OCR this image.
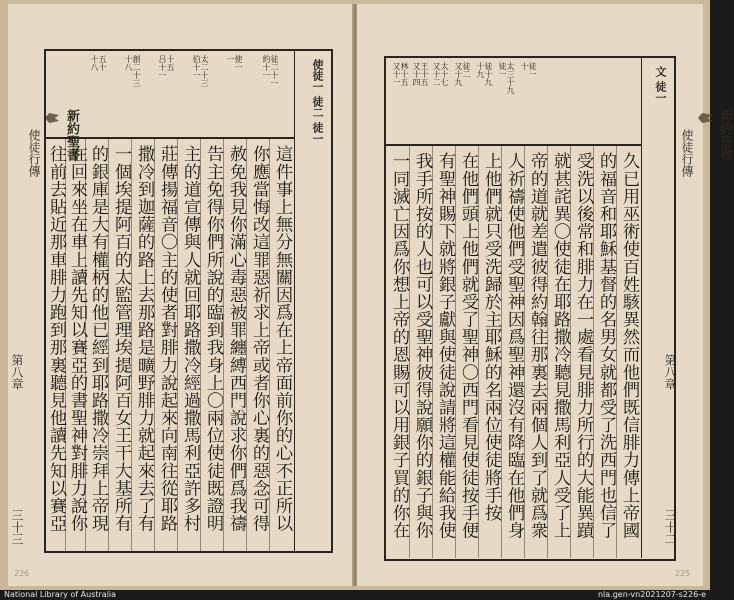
新約聖書
使徒行傳
第八章
三十三
徒二十一
約十一
使一
一
太二十三
伯十一
十五
吕十一
創二十三
十八
五十
十八	使徒一 徒二 徒一
這件事上無分無關因爲在上帝面前你的心不正所以
你應當悔改這罪惡祈求上帝或者你心裏的惡念可得
赦免我見你滿心毒惡被罪纏縛西門說求你們爲我禱
告主免得你們所說的臨到我身上〇兩位使徒既證明
主的道宣傳與人就回耶路撒冷經過撒馬利亞許多村
莊傳揚福音〇主的使者對腓力說起來向南往從耶路
撒冷到迦薩的路上去那路是曠野腓力就起來去了有
一個埃提阿百的太監管理埃提阿百女王干大基所有
的銀庫是大有權柄的他已經到耶路撒冷崇拜上帝現
在回來坐在車上讀先知以賽亞的書聖神對腓力說你
往前去貼近那車腓力跑到那裏聽見他讀先知以賽亞
226
徒一
十
太三十九
徒一
徒十九
十九
徒二
又十九
太十七
又十二
王十五
又十四
林十五
又十一	文 徒一
久已用巫術使百姓駭異然而他們既信腓力傳上帝國
的福音和耶穌基督的名男女就都受了洗西門也信了
受洗以後常和腓力在一處看見腓力所行的大能異蹟
就甚詫異〇使徒在耶路撒冷聽見撒馬利亞人受了上
帝的道就差遣彼得約翰往那裏去兩個人到了就爲衆
人祈禱使他們受聖神因爲聖神還沒有降臨在他們身
上他們就只受洗歸於主耶穌的名兩位使徒將手按
在他們頭上他們就受了聖神〇西門看見使徒按手便
有聖神賜下就將銀子獻與使徒說請將這權能給我使
我手所按的人也可以受聖神彼得說願你的銀子與你
一同滅亡因爲你想上帝的恩賜可以用銀子買的你在
新約聖書
使徒行傳
第八章
三十二
225
National Library of Australia	nla.gen-vn2021207-s226-e
